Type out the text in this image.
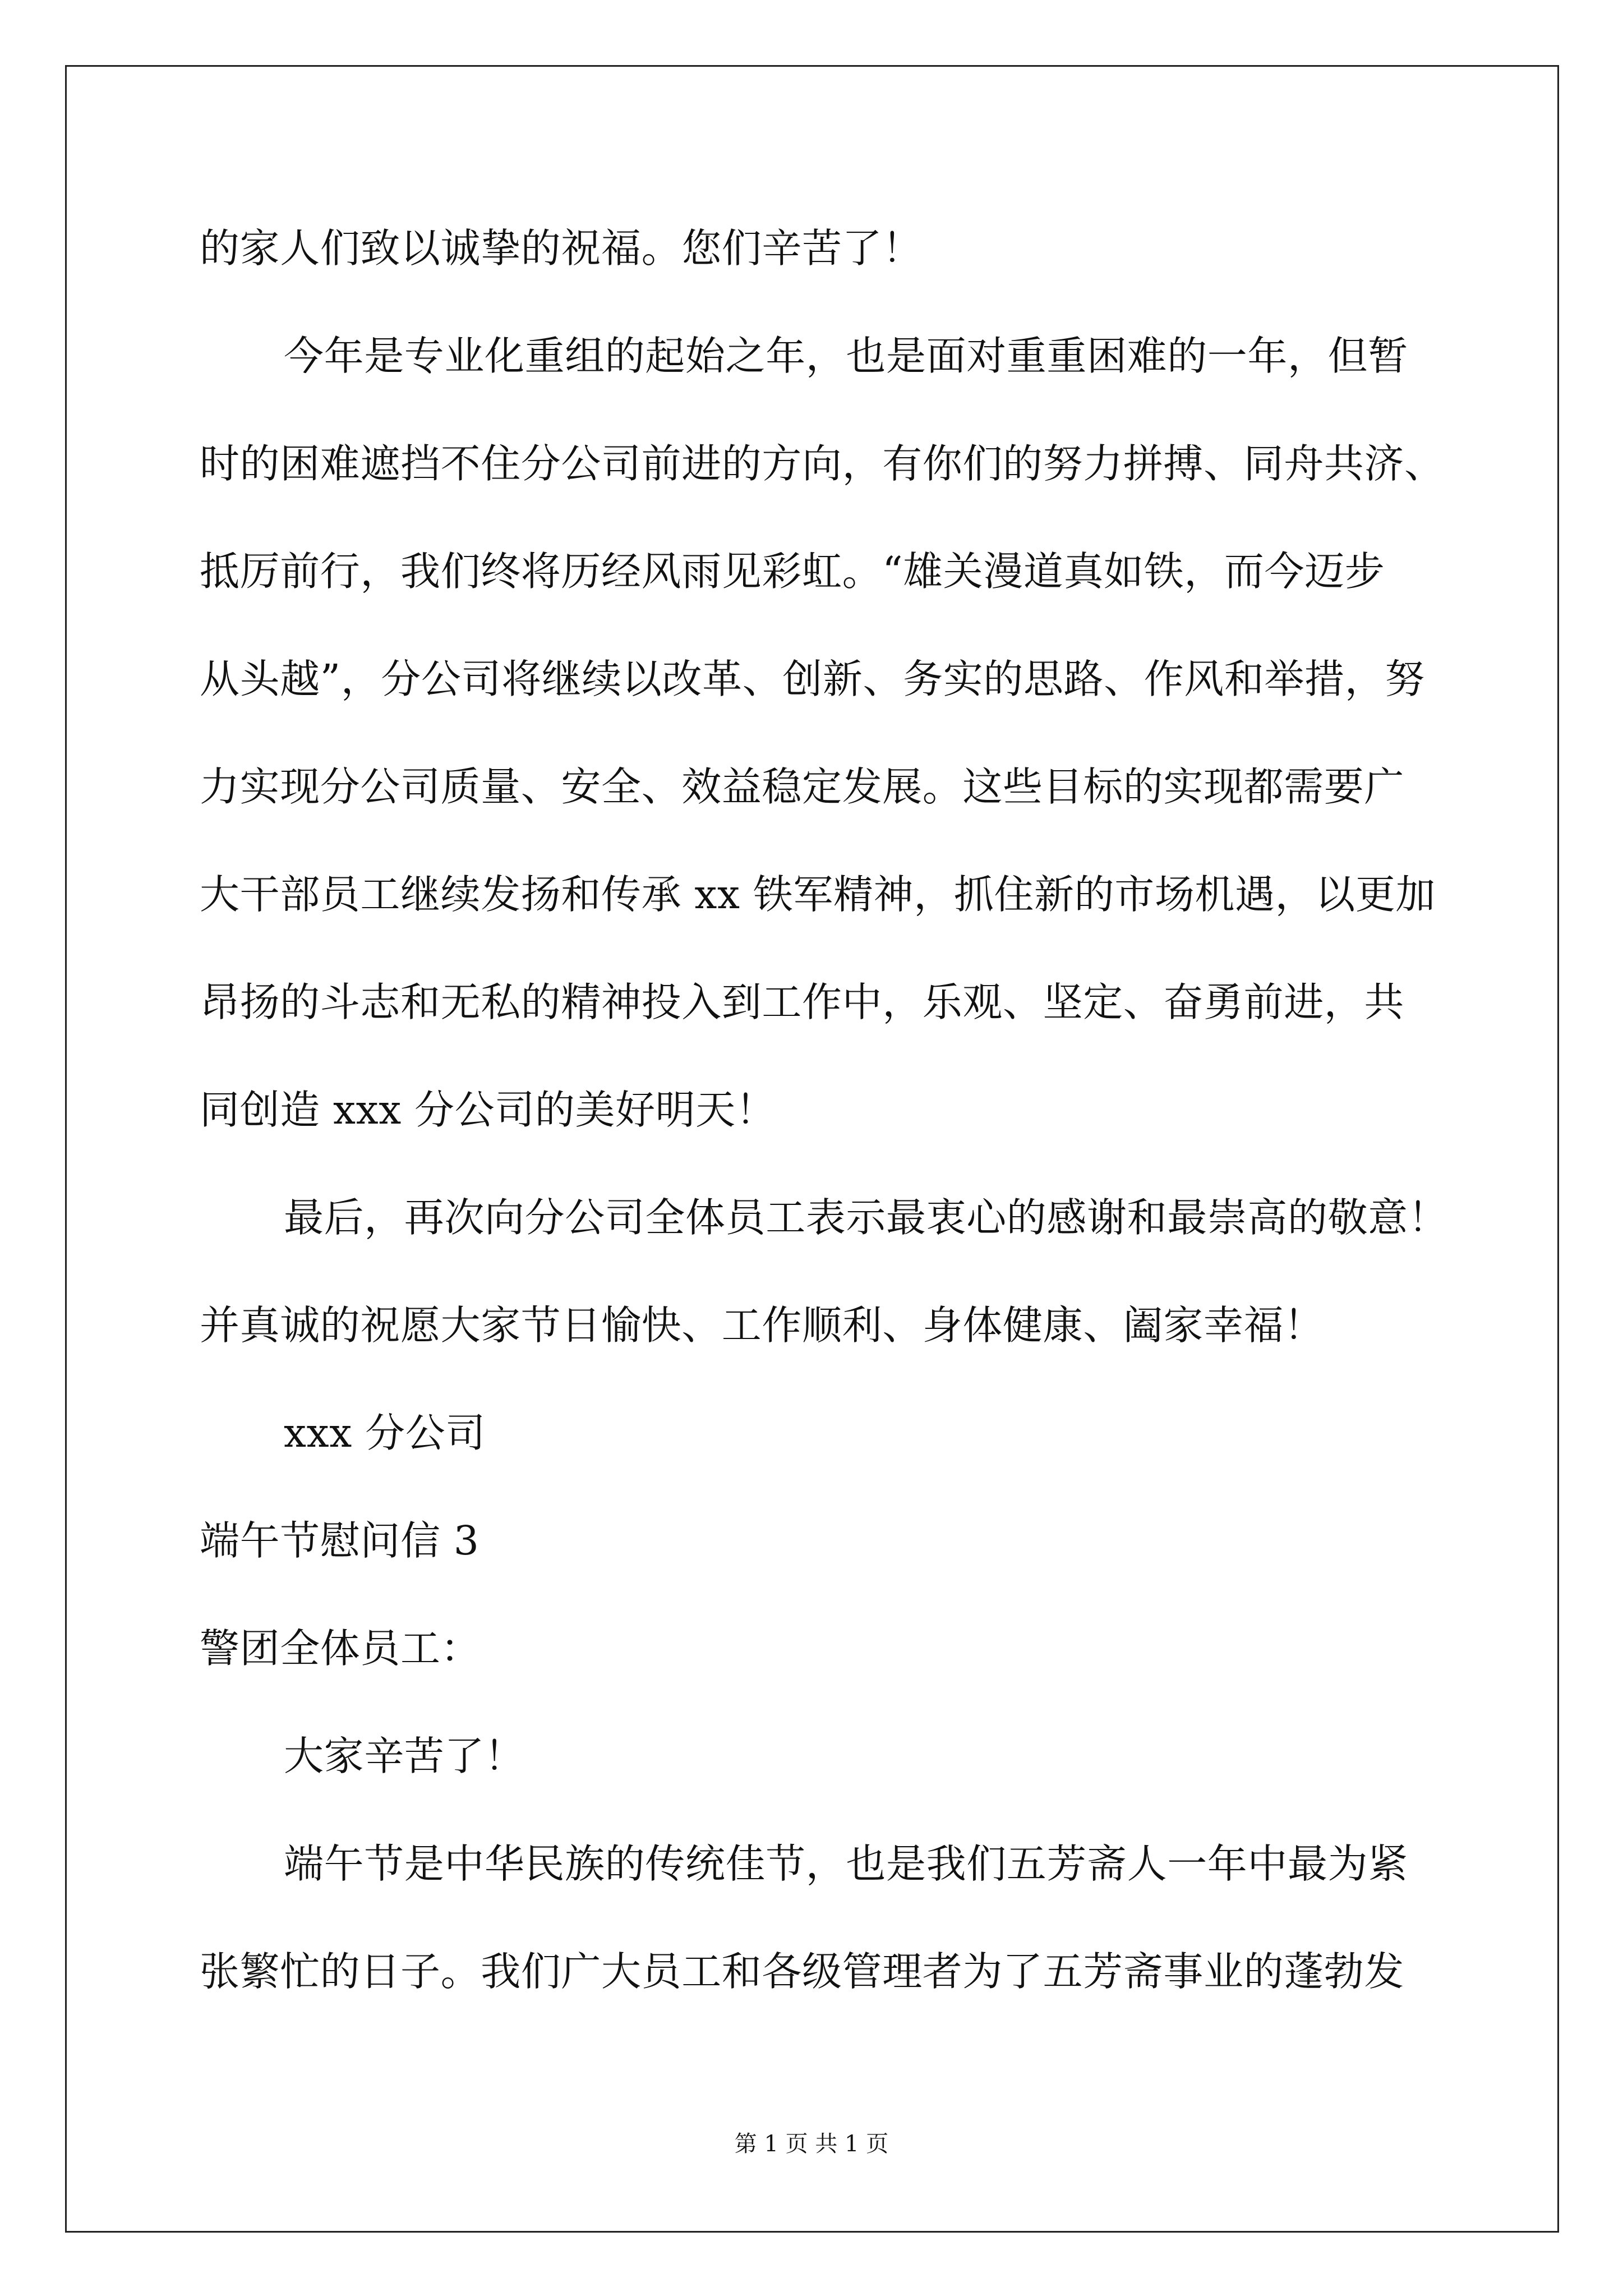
的家人们致以诚挚的祝福。您们辛苦了！

今年是专业化重组的起始之年，也是面对重重困难的一年，但暂

时的困难遮挡不住分公司前进的方向，有你们的努力拼搏、同舟共济、

抵厉前行，我们终将历经风雨见彩虹。“雄关漫道真如铁，而今迈步

从头越”，分公司将继续以改革、创新、务实的思路、作风和举措，努

力实现分公司质量、安全、效益稳定发展。这些目标的实现都需要广

大干部员工继续发扬和传承 xx 铁军精神，抓住新的市场机遇，以更加

昂扬的斗志和无私的精神投入到工作中，乐观、坚定、奋勇前进，共

同创造 xxx 分公司的美好明天！

最后，再次向分公司全体员工表示最衷心的感谢和最崇高的敬意！

并真诚的祝愿大家节日愉快、工作顺利、身体健康、阖家幸福！

xxx 分公司

端午节慰问信 3

警团全体员工：

大家辛苦了！

端午节是中华民族的传统佳节，也是我们五芳斋人一年中最为紧

张繁忙的日子。我们广大员工和各级管理者为了五芳斋事业的蓬勃发

第 1 页 共 1 页
